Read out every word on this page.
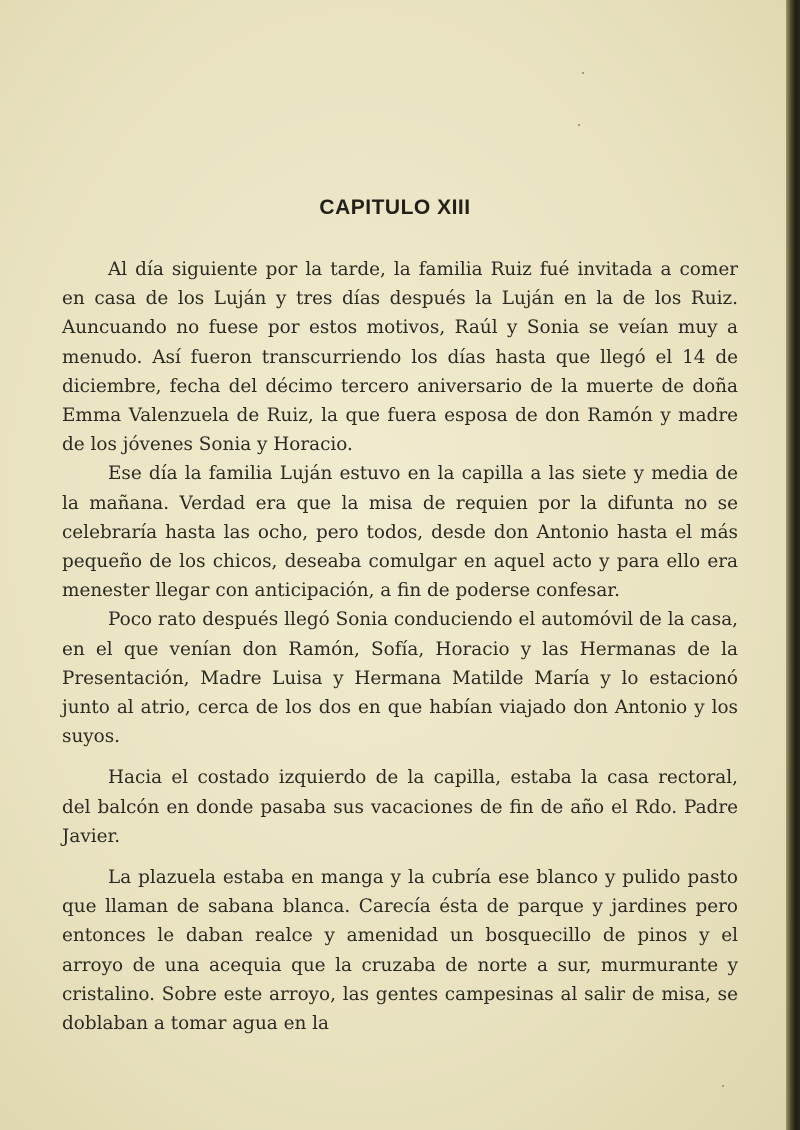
CAPITULO XIII

Al día siguiente por la tarde, la familia Ruiz fué invitada a comer en casa de los Luján y tres días después la Luján en la de los Ruiz. Auncuando no fuese por estos motivos, Raúl y Sonia se veían muy a menudo. Así fueron transcurriendo los días hasta que llegó el 14 de diciembre, fecha del décimo tercero aniversario de la muerte de doña Emma Valenzuela de Ruiz, la que fuera esposa de don Ramón y madre de los jóvenes Sonia y Horacio.

Ese día la familia Luján estuvo en la capilla a las siete y media de la mañana. Verdad era que la misa de requien por la difunta no se celebraría hasta las ocho, pero todos, desde don Antonio hasta el más pequeño de los chicos, deseaba comulgar en aquel acto y para ello era menester llegar con anticipación, a fin de poderse confesar.

Poco rato después llegó Sonia conduciendo el automóvil de la casa, en el que venían don Ramón, Sofía, Horacio y las Hermanas de la Presentación, Madre Luisa y Hermana Matilde María y lo estacionó junto al atrio, cerca de los dos en que habían viajado don Antonio y los suyos.

Hacia el costado izquierdo de la capilla, estaba la casa rectoral, del balcón en donde pasaba sus vacaciones de fin de año el Rdo. Padre Javier.

La plazuela estaba en manga y la cubría ese blanco y pulido pasto que llaman de sabana blanca. Carecía ésta de parque y jardines pero entonces le daban realce y amenidad un bosquecillo de pinos y el arroyo de una acequia que la cruzaba de norte a sur, murmurante y cristalino. Sobre este arroyo, las gentes campesinas al salir de misa, se doblaban a tomar agua en la
